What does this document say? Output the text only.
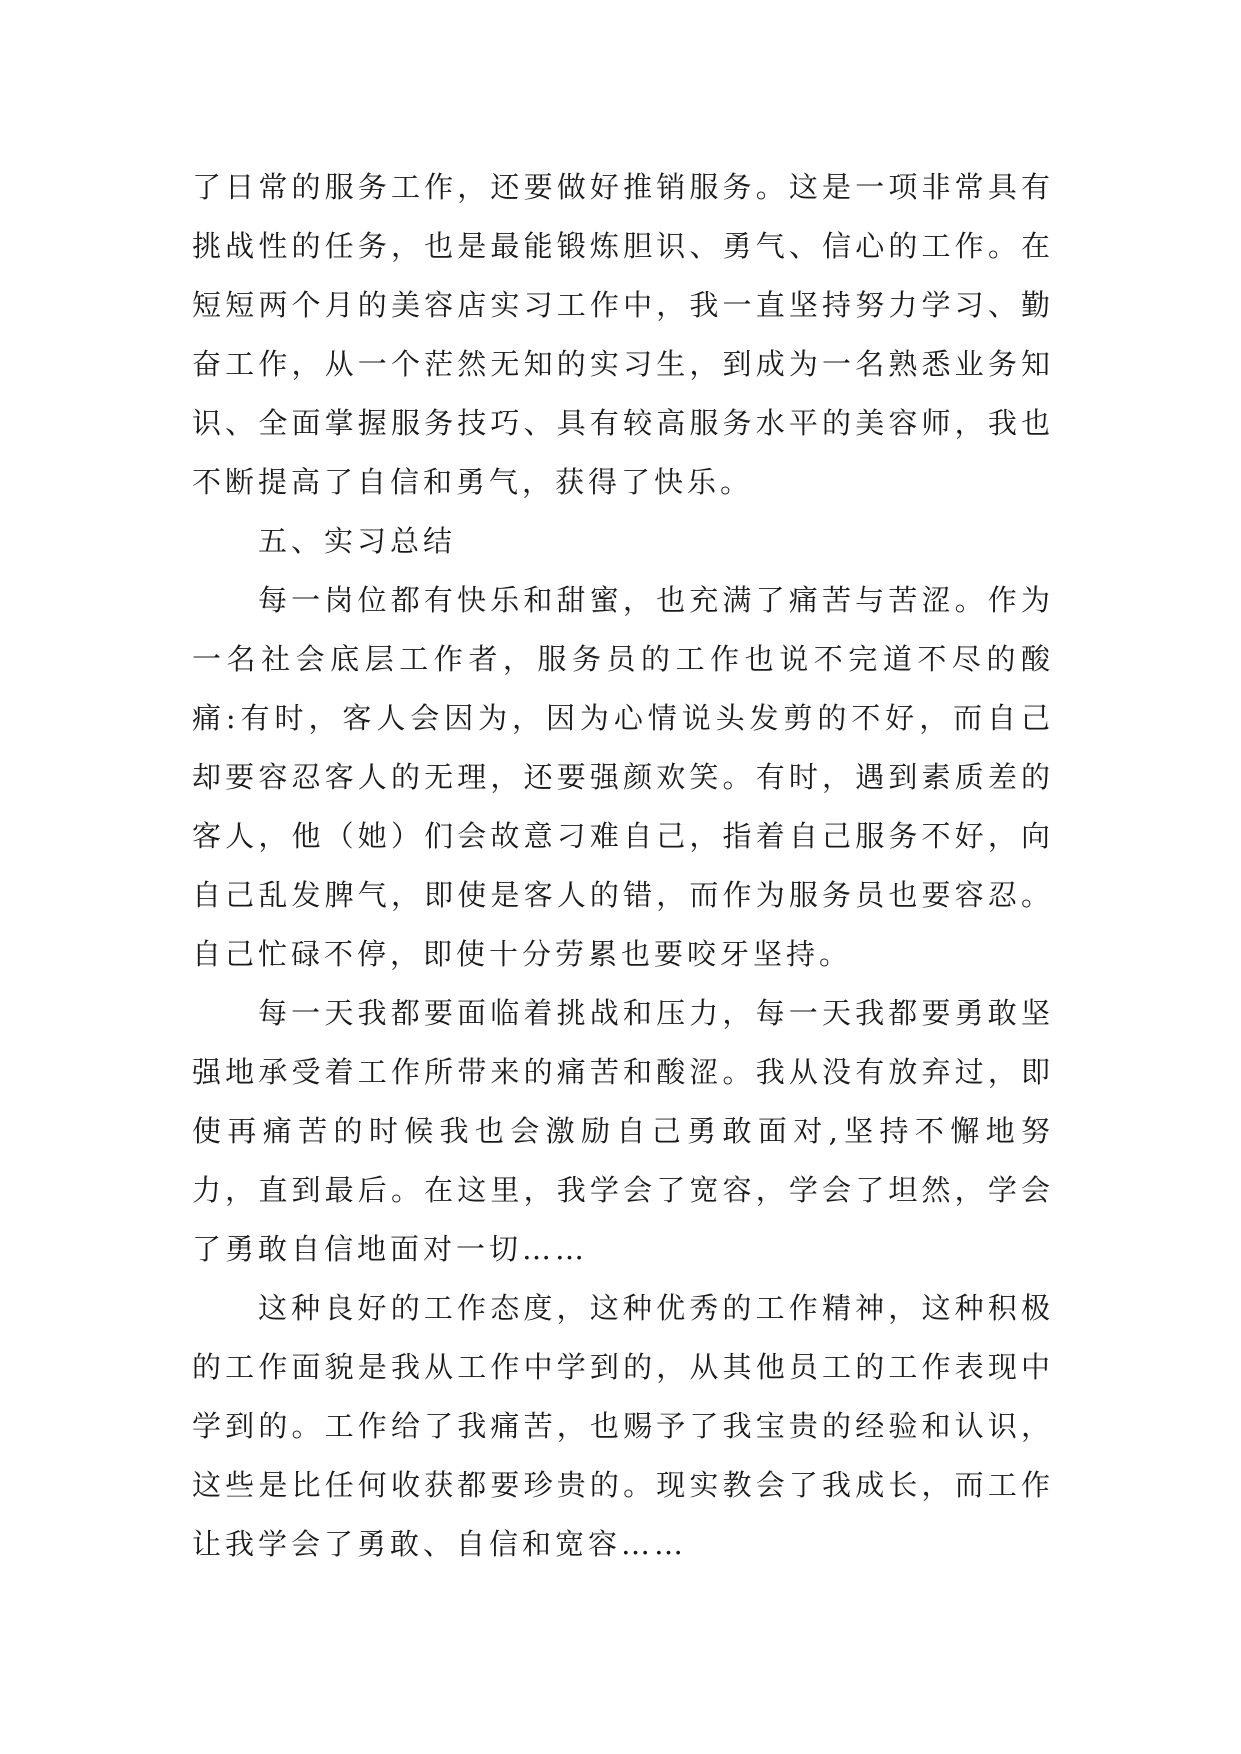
了日常的服务工作，还要做好推销服务。这是一项非常具有挑战性的任务，也是最能锻炼胆识、勇气、信心的工作。在短短两个月的美容店实习工作中，我一直坚持努力学习、勤奋工作，从一个茫然无知的实习生，到成为一名熟悉业务知识、全面掌握服务技巧、具有较高服务水平的美容师，我也不断提高了自信和勇气，获得了快乐。

五、实习总结

每一岗位都有快乐和甜蜜，也充满了痛苦与苦涩。作为一名社会底层工作者，服务员的工作也说不完道不尽的酸痛:有时，客人会因为，因为心情说头发剪的不好，而自己却要容忍客人的无理，还要强颜欢笑。有时，遇到素质差的客人，他（她）们会故意刁难自己，指着自己服务不好，向自己乱发脾气，即使是客人的错，而作为服务员也要容忍。自己忙碌不停，即使十分劳累也要咬牙坚持。

每一天我都要面临着挑战和压力，每一天我都要勇敢坚强地承受着工作所带来的痛苦和酸涩。我从没有放弃过，即使再痛苦的时候我也会激励自己勇敢面对,坚持不懈地努力，直到最后。在这里，我学会了宽容，学会了坦然，学会了勇敢自信地面对一切……

这种良好的工作态度，这种优秀的工作精神，这种积极的工作面貌是我从工作中学到的，从其他员工的工作表现中学到的。工作给了我痛苦，也赐予了我宝贵的经验和认识，这些是比任何收获都要珍贵的。现实教会了我成长，而工作让我学会了勇敢、自信和宽容……
